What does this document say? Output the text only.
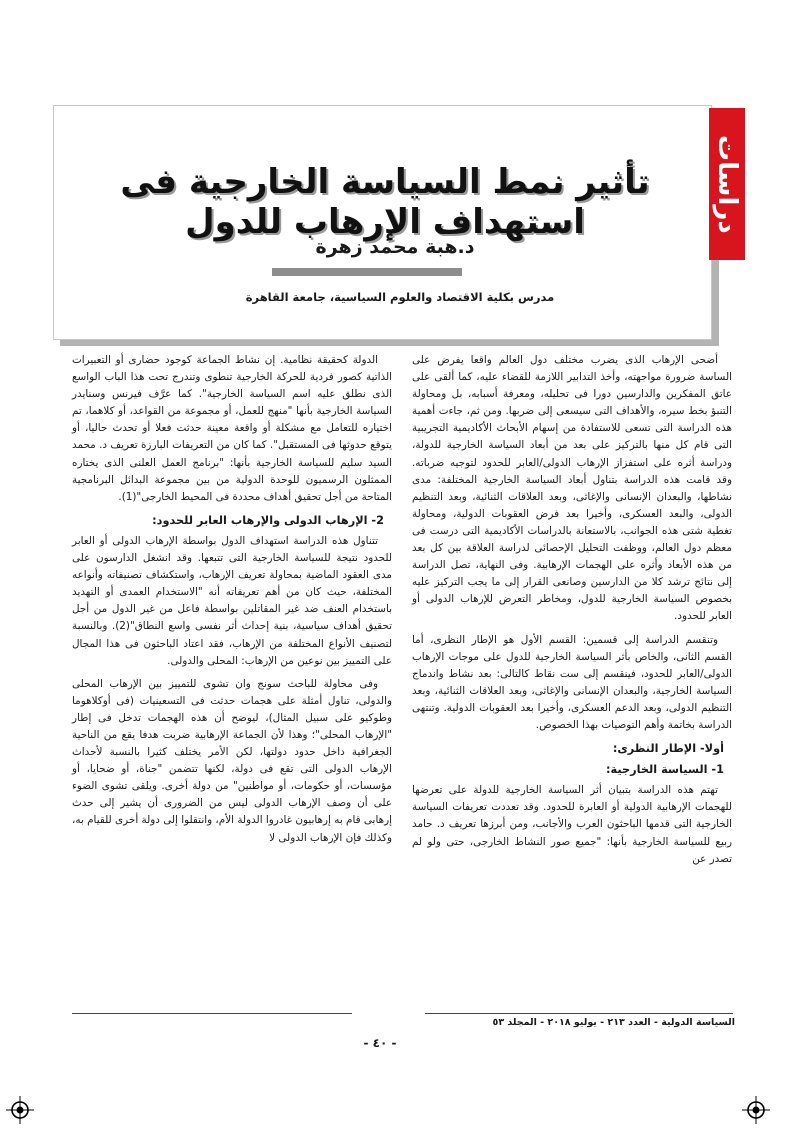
دراسات
تأثير نمط السياسة الخارجية فى استهداف الإرهاب للدول
د.هبة محمد زهرة
مدرس بكلية الاقتصاد والعلوم السياسية، جامعة القاهرة

أضحى الإرهاب الذى يضرب مختلف دول العالم واقعا يفرض على الساسة ضرورة مواجهته، وأخذ التدابير اللازمة للقضاء عليه، كما ألقى على عاتق المفكرين والدارسين دورا فى تحليله، ومعرفة أسبابه، بل ومحاولة التنبؤ بخط سيره، والأهداف التى سيسعى إلى ضربها. ومن ثم، جاءت أهمية هذه الدراسة التى تسعى للاستفادة من إسهام الأبحاث الأكاديمية التجريبية التى قام كل منها بالتركيز على بعد من أبعاد السياسة الخارجية للدولة، ودراسة أثره على استفزاز الإرهاب الدولى/العابر للحدود لتوجيه ضرباته. وقد قامت هذه الدراسة بتناول أبعاد السياسة الخارجية المختلفة: مدى نشاطها، والبعدان الإنسانى والإغاثى، وبعد العلاقات الثنائية، وبعد التنظيم الدولى، والبعد العسكرى، وأخيرا بعد فرض العقوبات الدولية، ومحاولة تغطية شتى هذه الجوانب، بالاستعانة بالدراسات الأكاديمية التى درست فى معظم دول العالم، ووظفت التحليل الإحصائى لدراسة العلاقة بين كل بعد من هذه الأبعاد وأثره على الهجمات الإرهابية. وفى النهاية، تصل الدراسة إلى نتائج ترشد كلا من الدارسين وصانعى القرار إلى ما يجب التركيز عليه بخصوص السياسة الخارجية للدول، ومخاطر التعرض للإرهاب الدولى أو العابر للحدود.

وتنقسم الدراسة إلى قسمين: القسم الأول هو الإطار النظرى، أما القسم الثانى، والخاص بأثر السياسة الخارجية للدول على موجات الإرهاب الدولى/العابر للحدود، فينقسم إلى ست نقاط كالتالى: بعد نشاط واندماج السياسة الخارجية، والبعدان الإنسانى والإغاثى، وبعد العلاقات الثنائية، وبعد التنظيم الدولى، وبعد الدعم العسكرى، وأخيرا بعد العقوبات الدولية. وتنتهى الدراسة بخاتمة وأهم التوصيات بهذا الخصوص.

أولا- الإطار النظرى:
1- السياسة الخارجية:

تهتم هذه الدراسة بتبيان أثر السياسة الخارجية للدولة على تعرضها للهجمات الإرهابية الدولية أو العابرة للحدود. وقد تعددت تعريفات السياسة الخارجية التى قدمها الباحثون العرب والأجانب، ومن أبرزها تعريف د. حامد ربيع للسياسة الخارجية بأنها: "جميع صور النشاط الخارجى، حتى ولو لم تصدر عن

الدولة كحقيقة نظامية. إن نشاط الجماعة كوجود حضارى أو التعبيرات الذاتية كصور فردية للحركة الخارجية تنطوى وتندرج تحت هذا الباب الواسع الذى نطلق عليه اسم السياسة الخارجية". كما عرَّف فيرنس وسنايدر السياسة الخارجية بأنها "منهج للعمل، أو مجموعة من القواعد، أو كلاهما، تم اختياره للتعامل مع مشكلة أو واقعة معينة حدثت فعلا أو تحدث حاليا، أو يتوقع حدوثها فى المستقبل". كما كان من التعريفات البارزة تعريف د. محمد السيد سليم للسياسة الخارجية بأنها: "برنامج العمل العلنى الذى يختاره الممثلون الرسميون للوحدة الدولية من بين مجموعة البدائل البرنامجية المتاحة من أجل تحقيق أهداف محددة فى المحيط الخارجى"(1).

2- الإرهاب الدولى والإرهاب العابر للحدود:

تتناول هذه الدراسة استهداف الدول بواسطة الإرهاب الدولى أو العابر للحدود نتيجة للسياسة الخارجية التى تتبعها. وقد انشغل الدارسون على مدى العقود الماضية بمحاولة تعريف الإرهاب، واستكشاف تصنيفاته وأنواعه المختلفة، حيث كان من أهم تعريفاته أنه "الاستخدام العمدى أو التهديد باستخدام العنف ضد غير المقاتلين بواسطة فاعل من غير الدول من أجل تحقيق أهداف سياسية، بنية إحداث أثر نفسى واسع النطاق"(2). وبالنسبة لتصنيف الأنواع المختلفة من الإرهاب، فقد اعتاد الباحثون فى هذا المجال على التمييز بين نوعين من الإرهاب: المحلى والدولى.

وفى محاولة للباحث سونج وان تشوى للتمييز بين الإرهاب المحلى والدولى، تناول أمثلة على هجمات حدثت فى التسعينيات (فى أوكلاهوما وطوكيو على سبيل المثال)، ليوضح أن هذه الهجمات تدخل فى إطار "الإرهاب المحلى"؛ وهذا لأن الجماعة الإرهابية ضربت هدفا يقع من الناحية الجغرافية داخل حدود دولتها، لكن الأمر يختلف كثيرا بالنسبة لأحداث الإرهاب الدولى التى تقع فى دولة، لكنها تتضمن "جناة، أو ضحايا، أو مؤسسات، أو حكومات، أو مواطنين" من دولة أخرى. ويلقى تشوى الضوء على أن وصف الإرهاب الدولى ليس من الضرورى أن يشير إلى حدث إرهابى قام به إرهابيون غادروا الدولة الأم، وانتقلوا إلى دولة أخرى للقيام به، وكذلك فإن الإرهاب الدولى لا

السياسة الدولية - العدد ٢١٣ - يوليو ٢٠١٨ - المجلد ٥٣
- ٤٠ -
